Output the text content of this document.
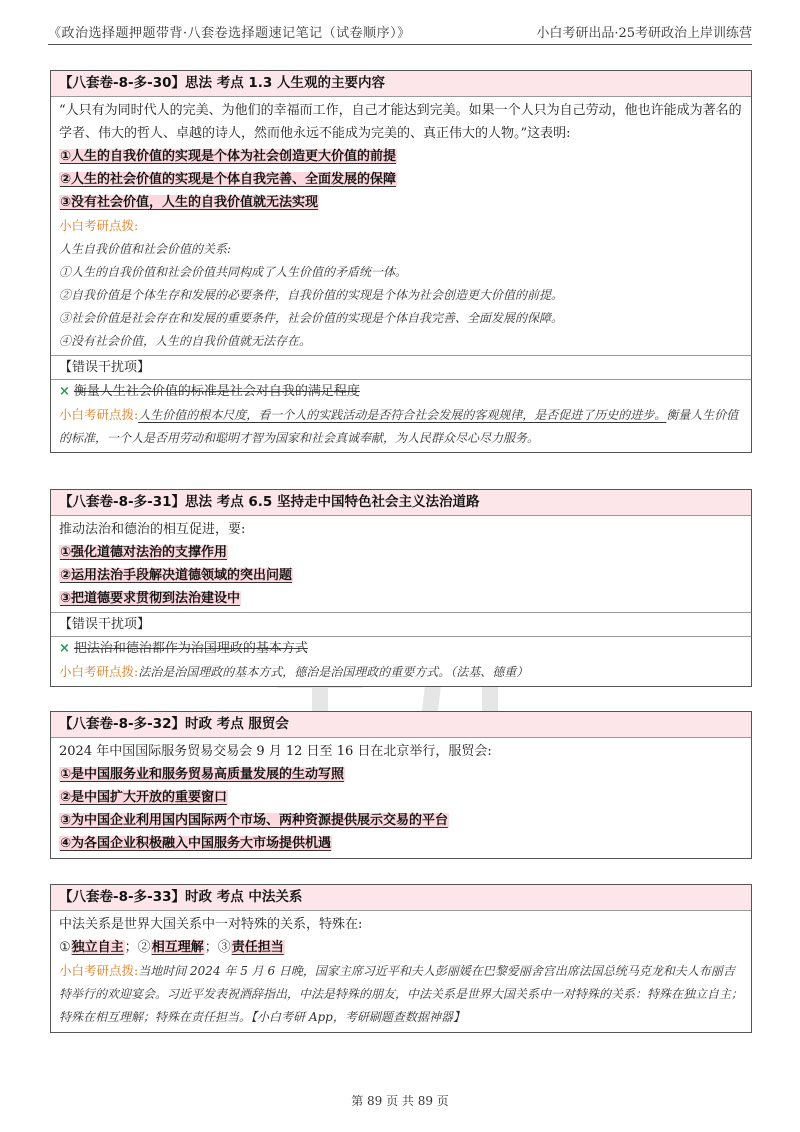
《政治选择题押题带背·八套卷选择题速记笔记（试卷顺序）》	小白考研出品·25考研政治上岸训练营
【八套卷-8-多-30】思法 考点 1.3 人生观的主要内容
“人只有为同时代人的完美、为他们的幸福而工作，自己才能达到完美。如果一个人只为自己劳动，他也许能成为著名的学者、伟大的哲人、卓越的诗人，然而他永远不能成为完美的、真正伟大的人物。”这表明:
①人生的自我价值的实现是个体为社会创造更大价值的前提
②人生的社会价值的实现是个体自我完善、全面发展的保障
③没有社会价值，人生的自我价值就无法实现
小白考研点拨:
人生自我价值和社会价值的关系:
①人生的自我价值和社会价值共同构成了人生价值的矛盾统一体。
②自我价值是个体生存和发展的必要条件，自我价值的实现是个体为社会创造更大价值的前提。
③社会价值是社会存在和发展的重要条件，社会价值的实现是个体自我完善、全面发展的保障。
④没有社会价值，人生的自我价值就无法存在。
【错误干扰项】
× 衡量人生社会价值的标准是社会对自我的满足程度
小白考研点拨:人生价值的根本尺度，看一个人的实践活动是否符合社会发展的客观规律，是否促进了历史的进步。衡量人生价值的标准，一个人是否用劳动和聪明才智为国家和社会真诚奉献，为人民群众尽心尽力服务。
【八套卷-8-多-31】思法 考点 6.5 坚持走中国特色社会主义法治道路
推动法治和德治的相互促进，要:
①强化道德对法治的支撑作用
②运用法治手段解决道德领域的突出问题
③把道德要求贯彻到法治建设中
【错误干扰项】
× 把法治和德治都作为治国理政的基本方式
小白考研点拨:法治是治国理政的基本方式，德治是治国理政的重要方式。（法基、德重）
【八套卷-8-多-32】时政 考点 服贸会
2024 年中国国际服务贸易交易会 9 月 12 日至 16 日在北京举行，服贸会:
①是中国服务业和服务贸易高质量发展的生动写照
②是中国扩大开放的重要窗口
③为中国企业利用国内国际两个市场、两种资源提供展示交易的平台
④为各国企业积极融入中国服务大市场提供机遇
【八套卷-8-多-33】时政 考点 中法关系
中法关系是世界大国关系中一对特殊的关系，特殊在:
①独立自主；②相互理解；③责任担当
小白考研点拨:当地时间 2024 年 5 月 6 日晚，国家主席习近平和夫人彭丽媛在巴黎爱丽舍宫出席法国总统马克龙和夫人布丽吉特举行的欢迎宴会。习近平发表祝酒辞指出，中法是特殊的朋友，中法关系是世界大国关系中一对特殊的关系：特殊在独立自主；特殊在相互理解；特殊在责任担当。【小白考研 App，考研刷题查数据神器】
第 89 页 共 89 页
